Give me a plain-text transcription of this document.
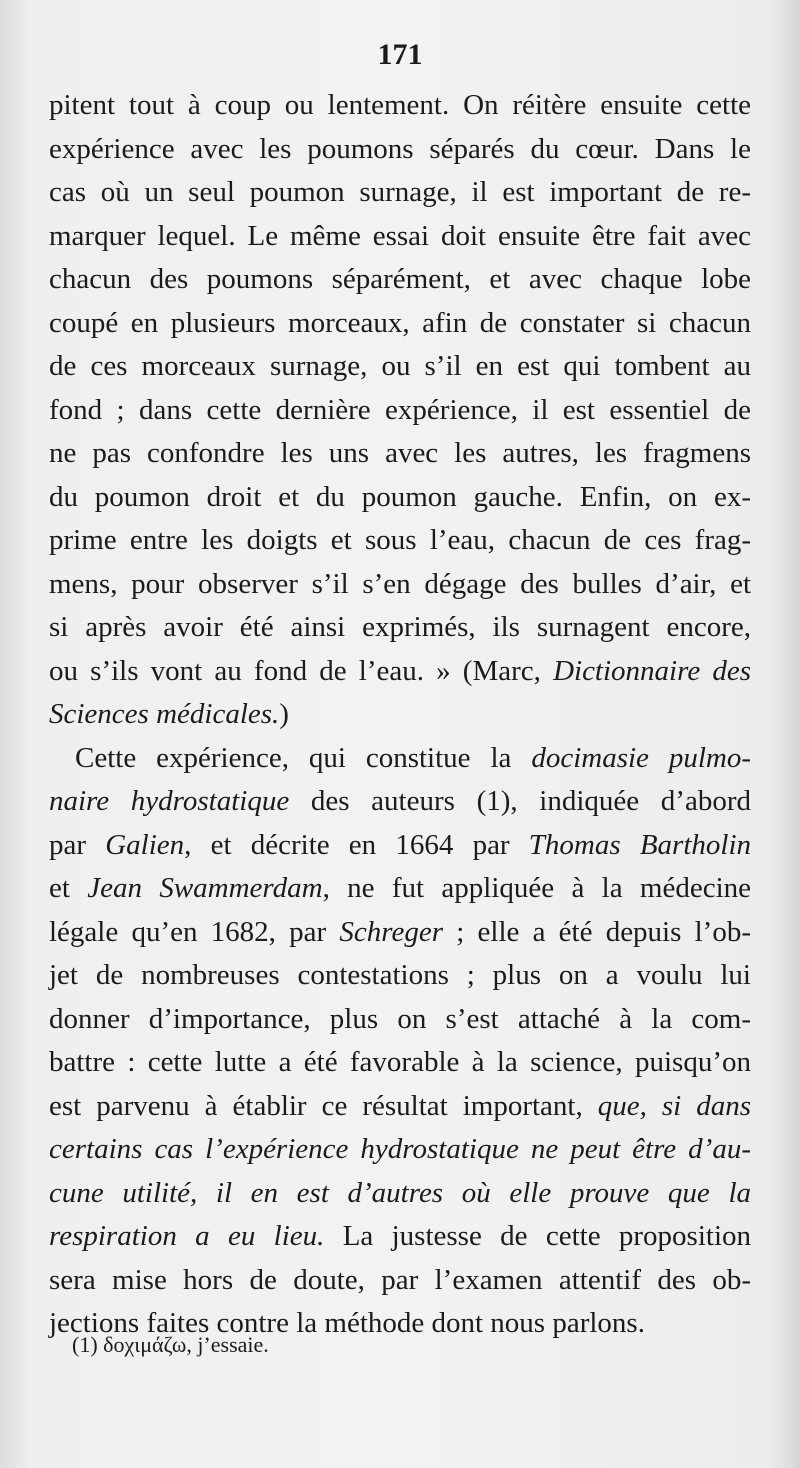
171
pitent tout à coup ou lentement. On réitère ensuite cette
expérience avec les poumons séparés du cœur. Dans le
cas où un seul poumon surnage, il est important de re-
marquer lequel. Le même essai doit ensuite être fait avec
chacun des poumons séparément, et avec chaque lobe
coupé en plusieurs morceaux, afin de constater si chacun
de ces morceaux surnage, ou s’il en est qui tombent au
fond ; dans cette dernière expérience, il est essentiel de
ne pas confondre les uns avec les autres, les fragmens
du poumon droit et du poumon gauche. Enfin, on ex-
prime entre les doigts et sous l’eau, chacun de ces frag-
mens, pour observer s’il s’en dégage des bulles d’air, et
si après avoir été ainsi exprimés, ils surnagent encore,
ou s’ils vont au fond de l’eau. » (Marc, Dictionnaire des
Sciences médicales.)
Cette expérience, qui constitue la docimasie pulmo-
naire hydrostatique des auteurs (1), indiquée d’abord
par Galien, et décrite en 1664 par Thomas Bartholin
et Jean Swammerdam, ne fut appliquée à la médecine
légale qu’en 1682, par Schreger ; elle a été depuis l’ob-
jet de nombreuses contestations ; plus on a voulu lui
donner d’importance, plus on s’est attaché à la com-
battre : cette lutte a été favorable à la science, puisqu’on
est parvenu à établir ce résultat important, que, si dans
certains cas l’expérience hydrostatique ne peut être d’au-
cune utilité, il en est d’autres où elle prouve que la
respiration a eu lieu. La justesse de cette proposition
sera mise hors de doute, par l’examen attentif des ob-
jections faites contre la méthode dont nous parlons.
(1) δοχιμάζω, j’essaie.
